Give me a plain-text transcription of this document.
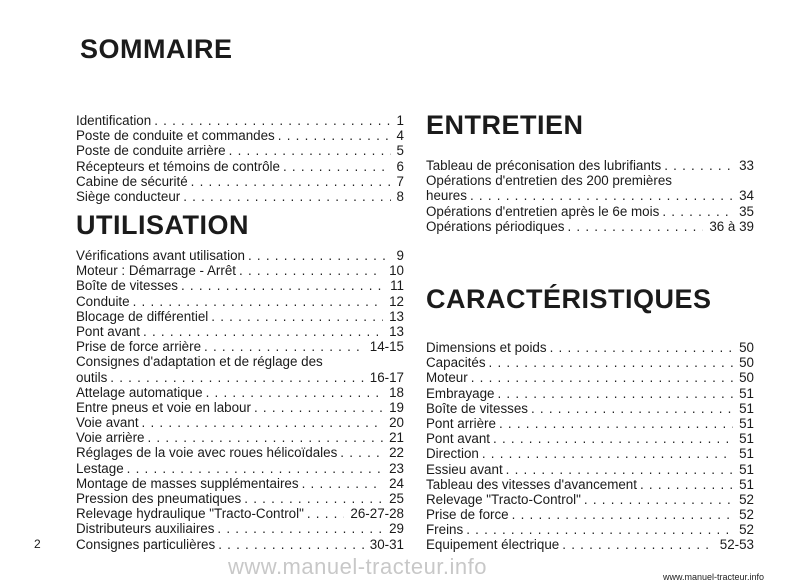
SOMMAIRE
UTILISATION
ENTRETIEN
CARACTÉRISTIQUES
Identification . . .	1
Poste de conduite et commandes . . .	4
Poste de conduite arrière . . .	5
Récepteurs et témoins de contrôle . . .	6
Cabine de sécurité . . .	7
Siège conducteur . . .	8
Vérifications avant utilisation . . .	9
Moteur : Démarrage - Arrêt . . .	10
Boîte de vitesses . . .	11
Conduite . . .	12
Blocage de différentiel . . .	13
Pont avant . . .	13
Prise de force arrière . . .	14-15
Consignes d'adaptation et de réglage des
outils . . .	16-17
Attelage automatique . . .	18
Entre pneus et voie en labour . . .	19
Voie avant . . .	20
Voie arrière . . .	21
Réglages de la voie avec roues hélicoïdales . . .	22
Lestage . . .	23
Montage de masses supplémentaires . . .	24
Pression des pneumatiques . . .	25
Relevage hydraulique "Tracto-Control" . . .	26-27-28
Distributeurs auxiliaires . . .	29
Consignes particulières . . .	30-31
Tableau de préconisation des lubrifiants . . .	33
Opérations d'entretien des 200 premières
heures . . .	34
Opérations d'entretien après le 6e mois . . .	35
Opérations périodiques . . .	36 à 39
Dimensions et poids . . .	50
Capacités . . .	50
Moteur . . .	50
Embrayage . . .	51
Boîte de vitesses . . .	51
Pont arrière . . .	51
Pont avant . . .	51
Direction . . .	51
Essieu avant . . .	51
Tableau des vitesses d'avancement . . .	51
Relevage "Tracto-Control" . . .	52
Prise de force . . .	52
Freins . . .	52
Equipement électrique . . .	52-53
2
www.manuel-tracteur.info	www.manuel-tracteur.info
